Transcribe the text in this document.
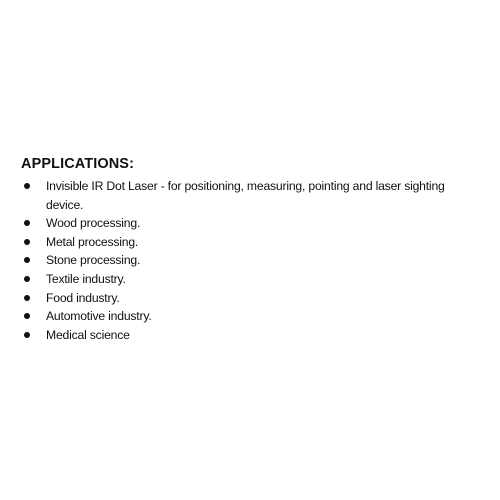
APPLICATIONS:
Invisible IR Dot Laser - for positioning, measuring, pointing and laser sighting device.
Wood processing.
Metal processing.
Stone processing.
Textile industry.
Food industry.
Automotive industry.
Medical science
